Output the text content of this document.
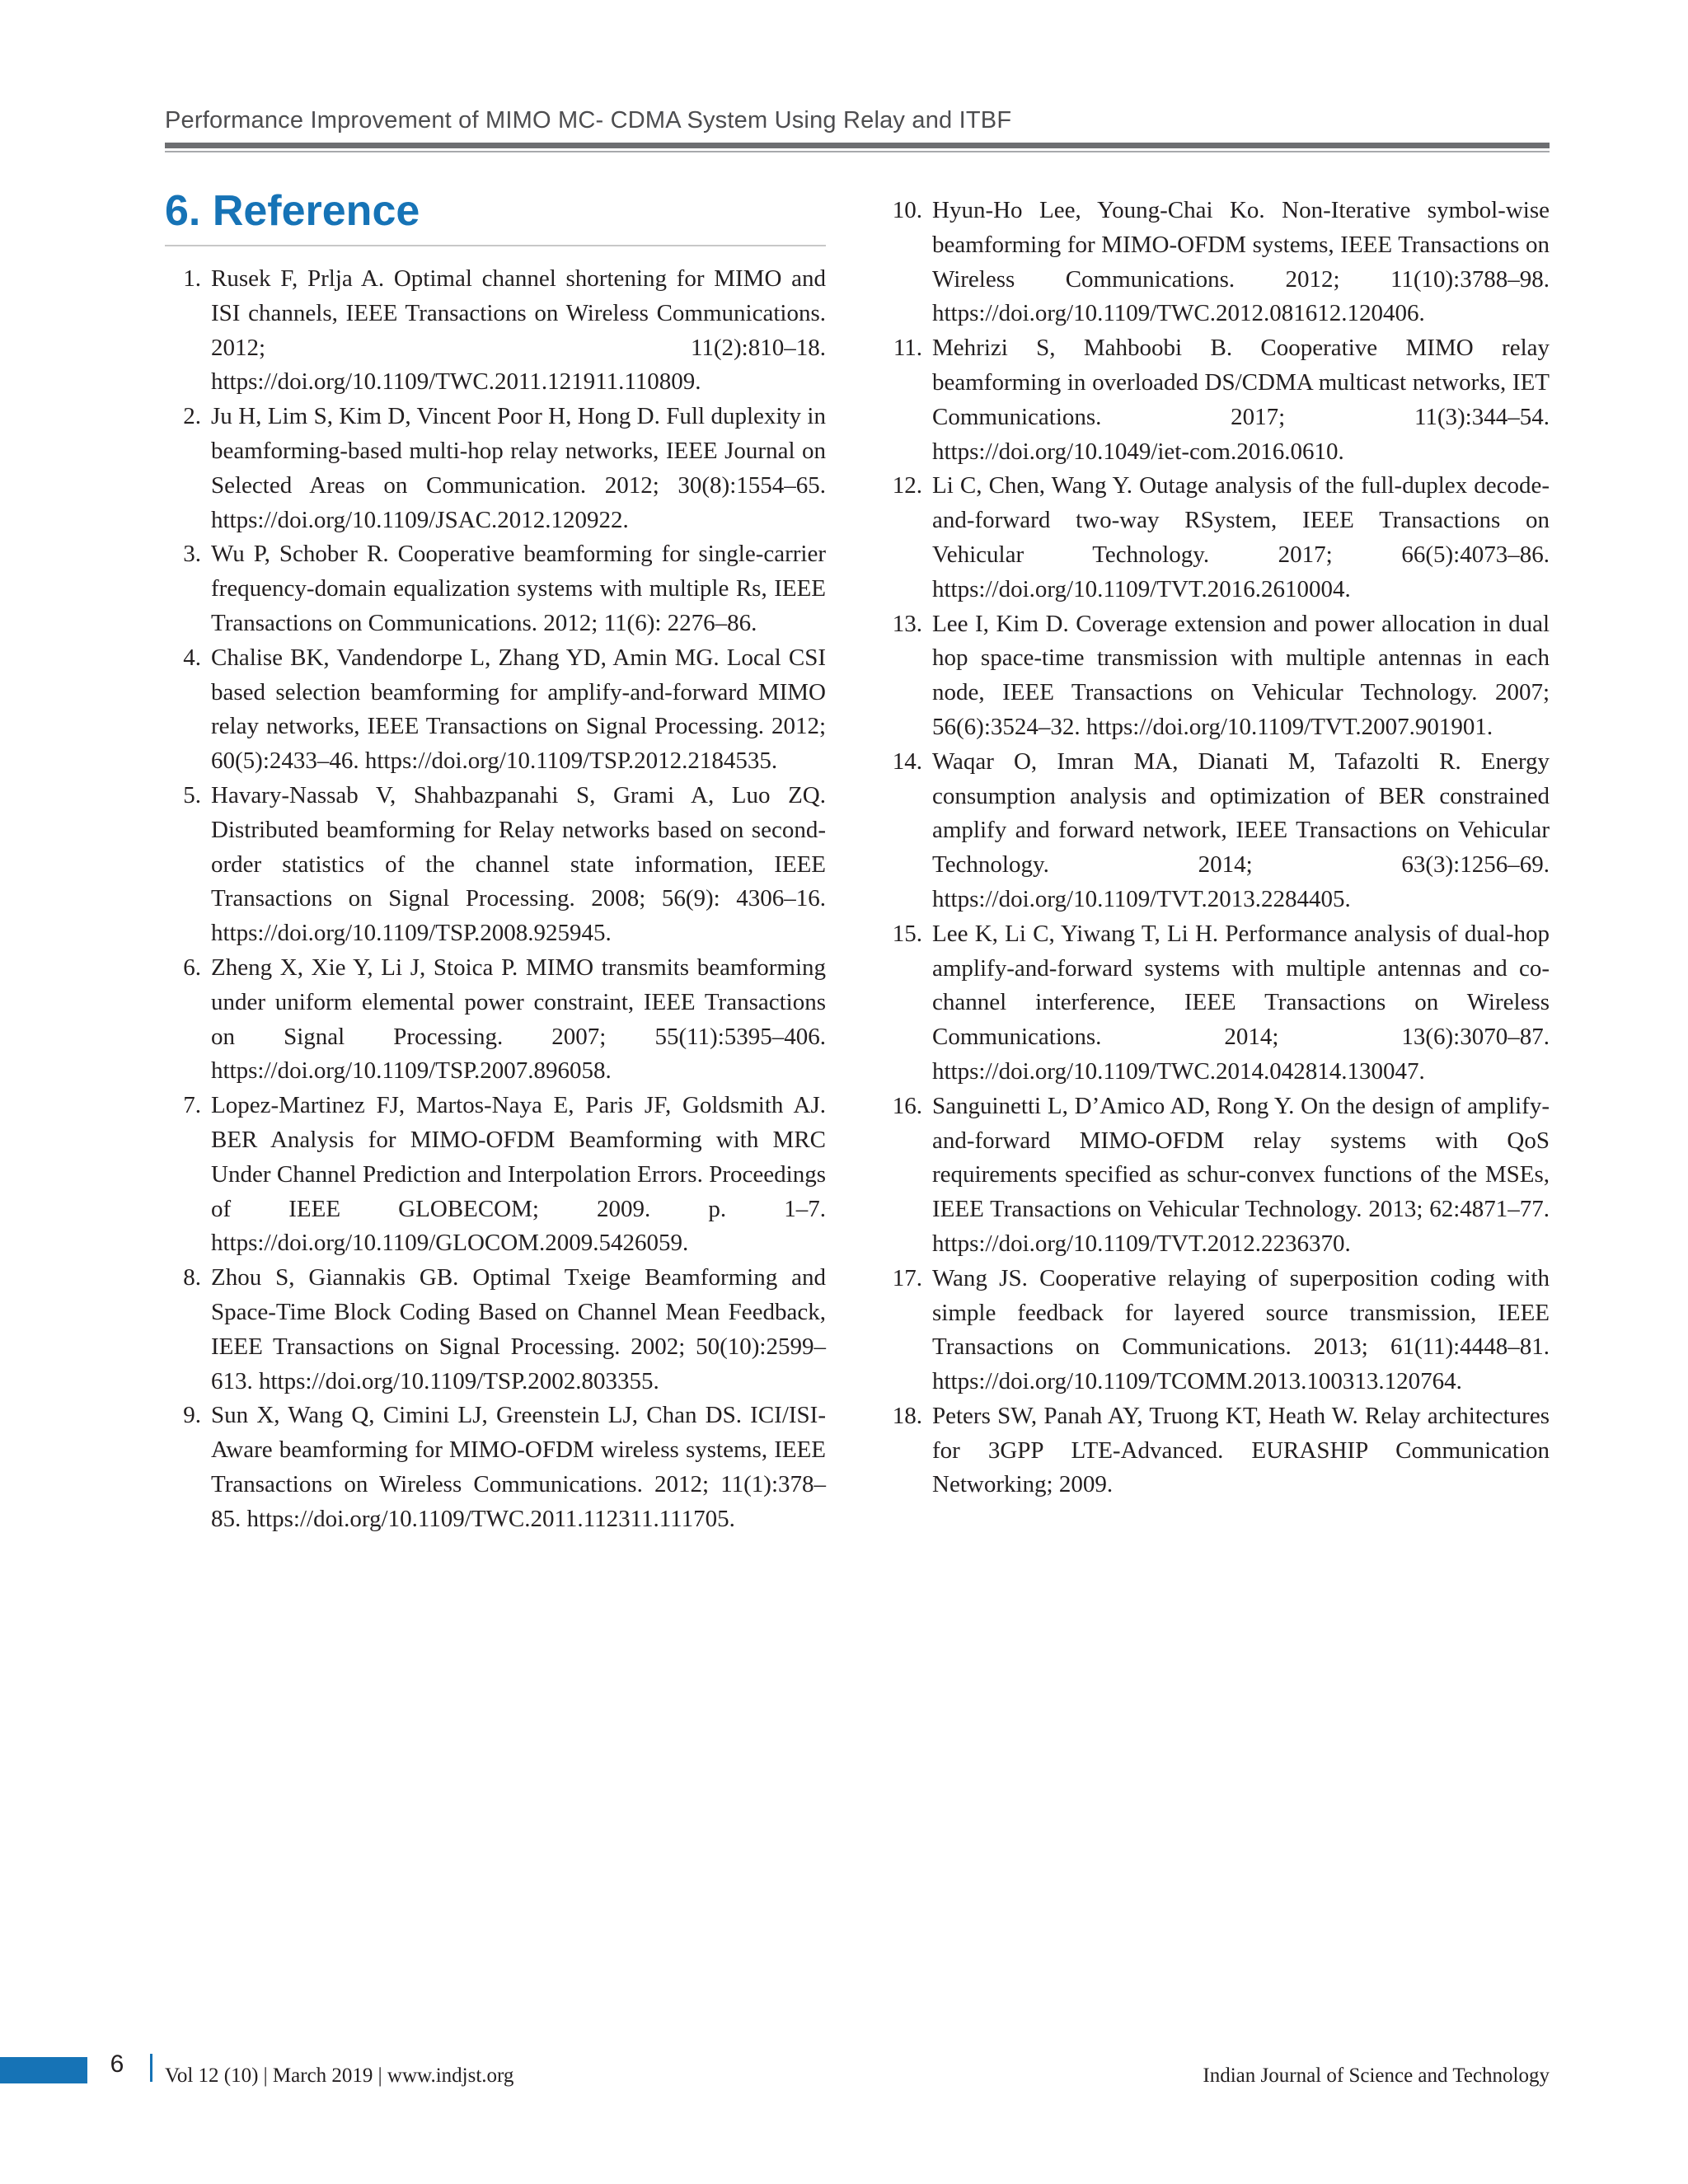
Performance Improvement of MIMO MC- CDMA System Using Relay and ITBF
6. Reference
1. Rusek F, Prlja A. Optimal channel shortening for MIMO and ISI channels, IEEE Transactions on Wireless Communications. 2012; 11(2):810–18. https://doi.org/10.1109/TWC.2011.121911.110809.
2. Ju H, Lim S, Kim D, Vincent Poor H, Hong D. Full duplexity in beamforming-based multi-hop relay networks, IEEE Journal on Selected Areas on Communication. 2012; 30(8):1554–65. https://doi.org/10.1109/JSAC.2012.120922.
3. Wu P, Schober R. Cooperative beamforming for single-carrier frequency-domain equalization systems with multiple Rs, IEEE Transactions on Communications. 2012; 11(6): 2276–86.
4. Chalise BK, Vandendorpe L, Zhang YD, Amin MG. Local CSI based selection beamforming for amplify-and-forward MIMO relay networks, IEEE Transactions on Signal Processing. 2012; 60(5):2433–46. https://doi.org/10.1109/TSP.2012.2184535.
5. Havary-Nassab V, Shahbazpanahi S, Grami A, Luo ZQ. Distributed beamforming for Relay networks based on second-order statistics of the channel state information, IEEE Transactions on Signal Processing. 2008; 56(9): 4306–16. https://doi.org/10.1109/TSP.2008.925945.
6. Zheng X, Xie Y, Li J, Stoica P. MIMO transmits beamforming under uniform elemental power constraint, IEEE Transactions on Signal Processing. 2007; 55(11):5395–406. https://doi.org/10.1109/TSP.2007.896058.
7. Lopez-Martinez FJ, Martos-Naya E, Paris JF, Goldsmith AJ. BER Analysis for MIMO-OFDM Beamforming with MRC Under Channel Prediction and Interpolation Errors. Proceedings of IEEE GLOBECOM; 2009. p. 1–7. https://doi.org/10.1109/GLOCOM.2009.5426059.
8. Zhou S, Giannakis GB. Optimal Txeige Beamforming and Space-Time Block Coding Based on Channel Mean Feedback, IEEE Transactions on Signal Processing. 2002; 50(10):2599–613. https://doi.org/10.1109/TSP.2002.803355.
9. Sun X, Wang Q, Cimini LJ, Greenstein LJ, Chan DS. ICI/ISI-Aware beamforming for MIMO-OFDM wireless systems, IEEE Transactions on Wireless Communications. 2012; 11(1):378–85. https://doi.org/10.1109/TWC.2011.112311.111705.
10. Hyun-Ho Lee, Young-Chai Ko. Non-Iterative symbol-wise beamforming for MIMO-OFDM systems, IEEE Transactions on Wireless Communications. 2012; 11(10):3788–98. https://doi.org/10.1109/TWC.2012.081612.120406.
11. Mehrizi S, Mahboobi B. Cooperative MIMO relay beamforming in overloaded DS/CDMA multicast networks, IET Communications. 2017; 11(3):344–54. https://doi.org/10.1049/iet-com.2016.0610.
12. Li C, Chen, Wang Y. Outage analysis of the full-duplex decode-and-forward two-way RSystem, IEEE Transactions on Vehicular Technology. 2017; 66(5):4073–86. https://doi.org/10.1109/TVT.2016.2610004.
13. Lee I, Kim D. Coverage extension and power allocation in dual hop space-time transmission with multiple antennas in each node, IEEE Transactions on Vehicular Technology. 2007; 56(6):3524–32. https://doi.org/10.1109/TVT.2007.901901.
14. Waqar O, Imran MA, Dianati M, Tafazolti R. Energy consumption analysis and optimization of BER constrained amplify and forward network, IEEE Transactions on Vehicular Technology. 2014; 63(3):1256–69. https://doi.org/10.1109/TVT.2013.2284405.
15. Lee K, Li C, Yiwang T, Li H. Performance analysis of dual-hop amplify-and-forward systems with multiple antennas and co-channel interference, IEEE Transactions on Wireless Communications. 2014; 13(6):3070–87. https://doi.org/10.1109/TWC.2014.042814.130047.
16. Sanguinetti L, D’Amico AD, Rong Y. On the design of amplify-and-forward MIMO-OFDM relay systems with QoS requirements specified as schur-convex functions of the MSEs, IEEE Transactions on Vehicular Technology. 2013; 62:4871–77. https://doi.org/10.1109/TVT.2012.2236370.
17. Wang JS. Cooperative relaying of superposition coding with simple feedback for layered source transmission, IEEE Transactions on Communications. 2013; 61(11):4448–81. https://doi.org/10.1109/TCOMM.2013.100313.120764.
18. Peters SW, Panah AY, Truong KT, Heath W. Relay architectures for 3GPP LTE-Advanced. EURASHIP Communication Networking; 2009.
6	Vol 12 (10) | March 2019 | www.indjst.org	Indian Journal of Science and Technology
